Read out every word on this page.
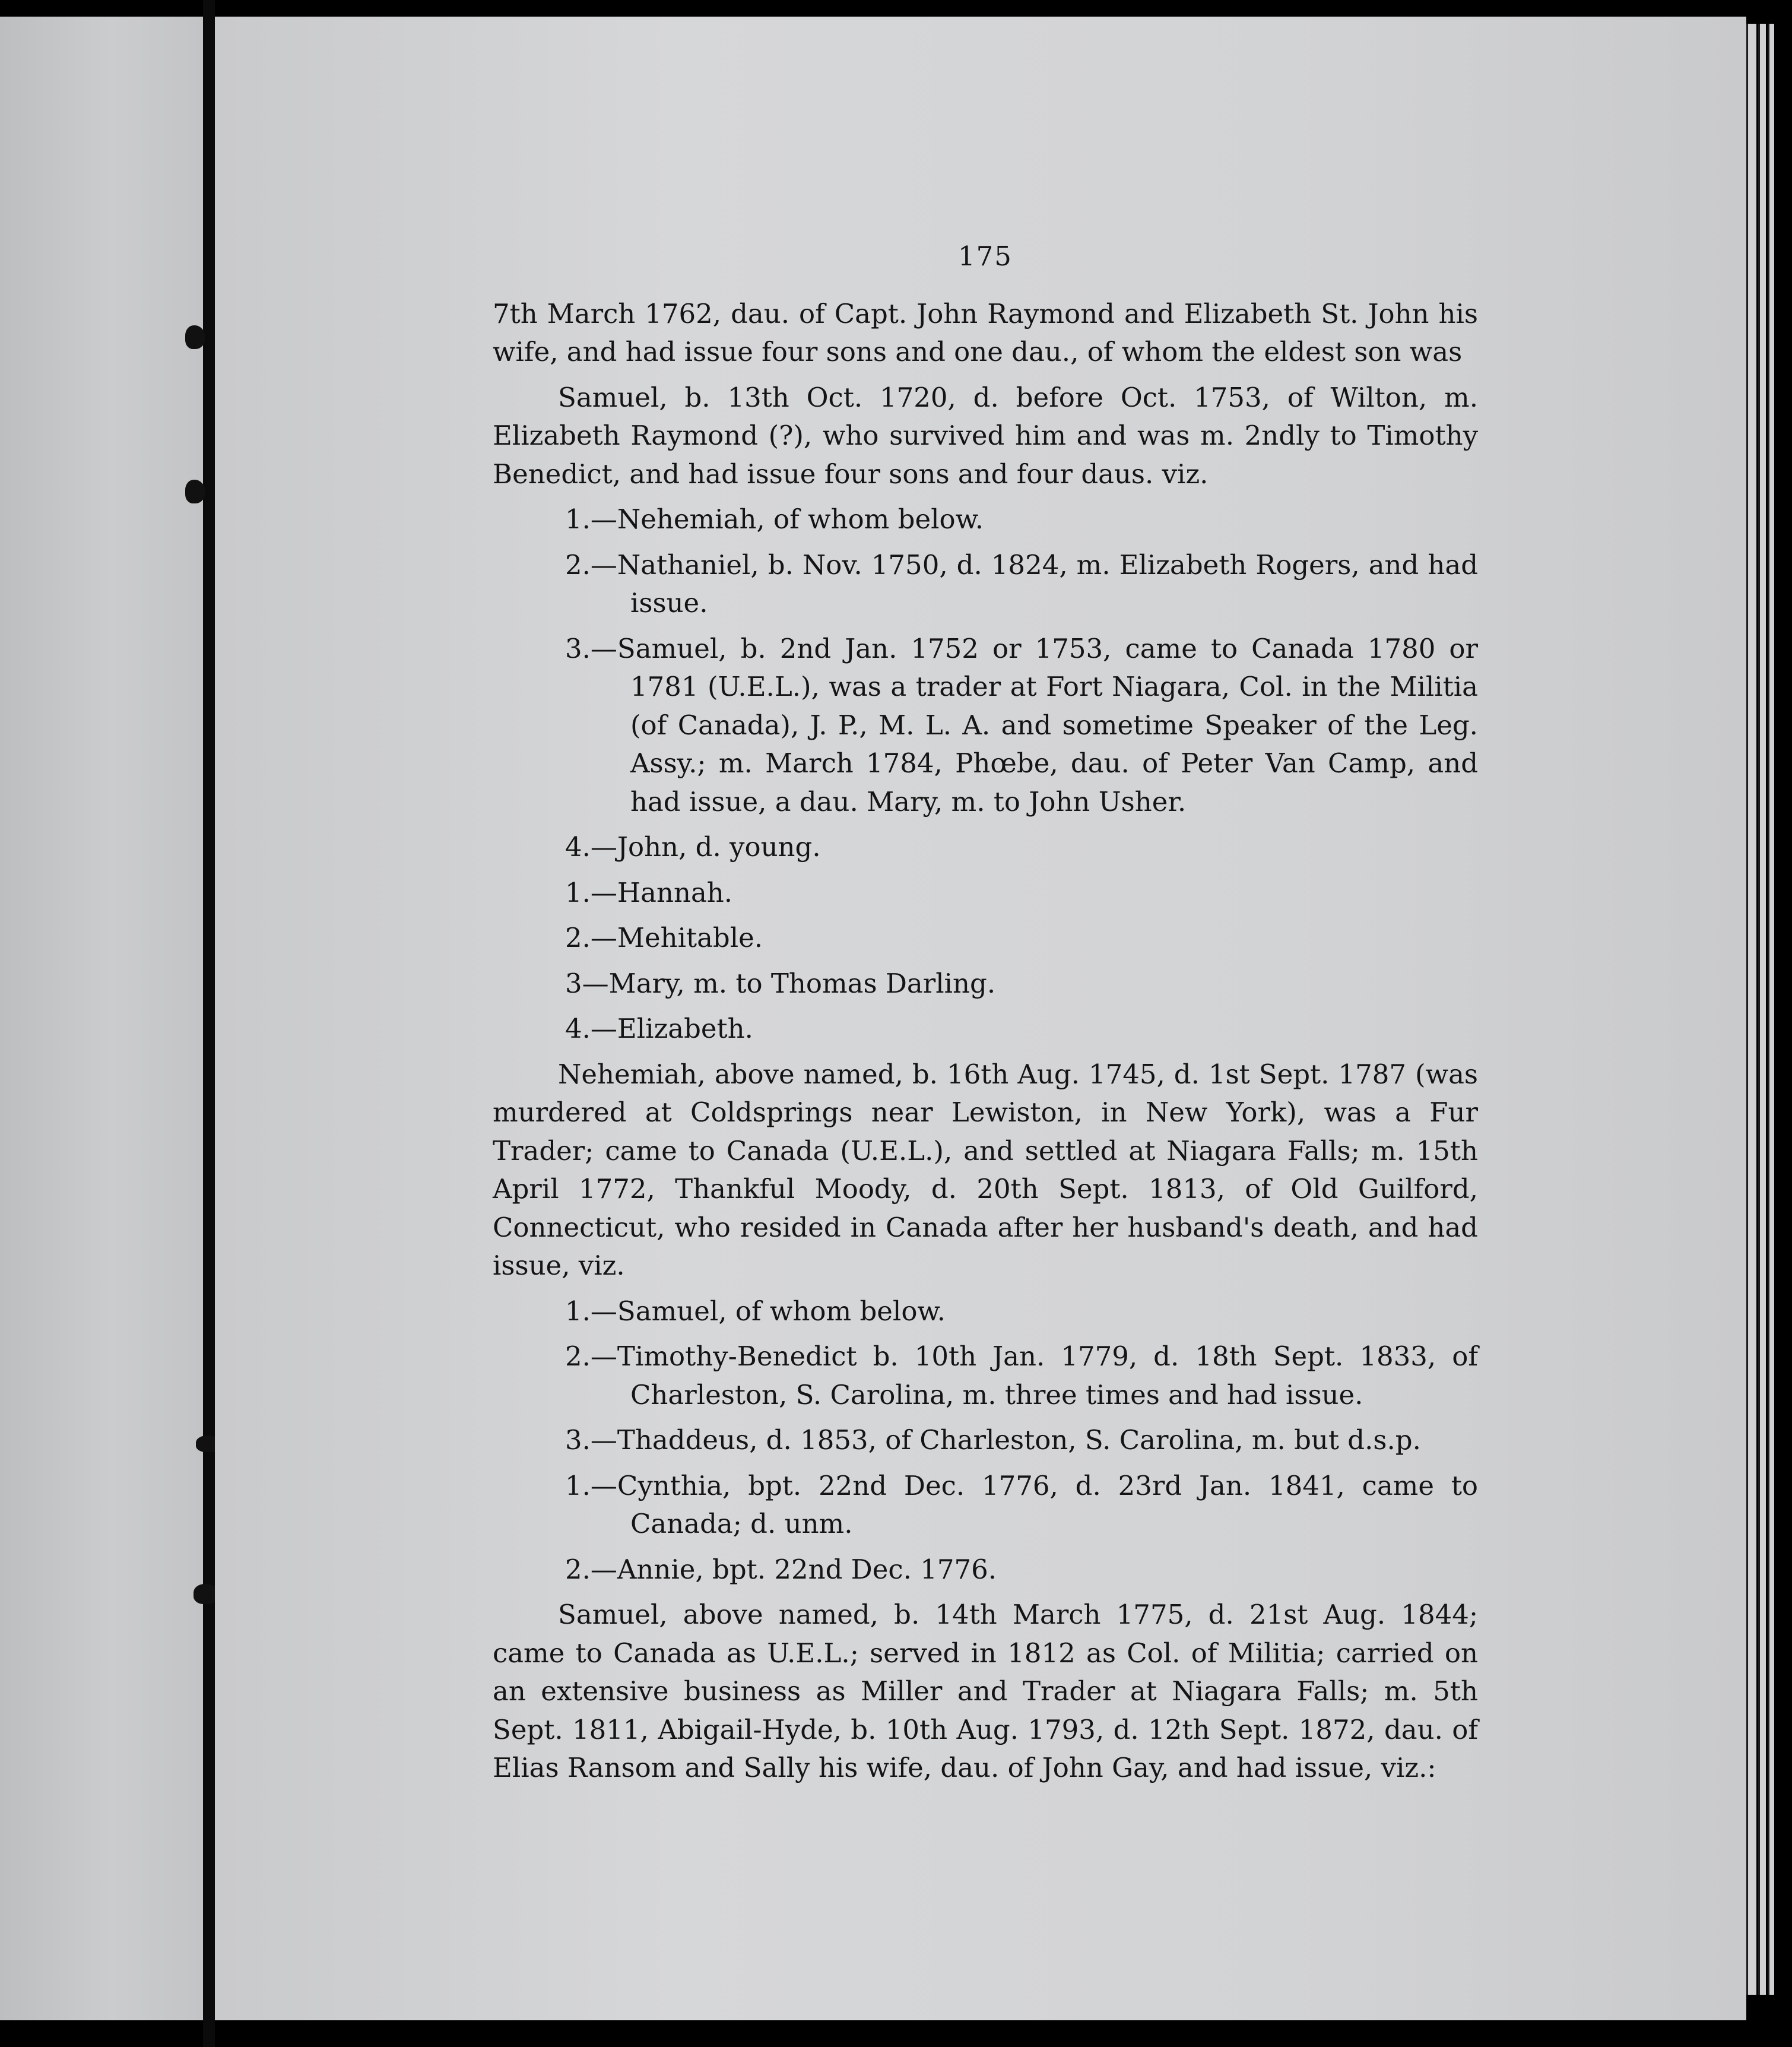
175

7th March 1762, dau. of Capt. John Raymond and Elizabeth St. John his wife, and had issue four sons and one dau., of whom the eldest son was

Samuel, b. 13th Oct. 1720, d. before Oct. 1753, of Wilton, m. Elizabeth Raymond (?), who survived him and was m. 2ndly to Timothy Benedict, and had issue four sons and four daus. viz.

1.—Nehemiah, of whom below.

2.—Nathaniel, b. Nov. 1750, d. 1824, m. Elizabeth Rogers, and had issue.

3.—Samuel, b. 2nd Jan. 1752 or 1753, came to Canada 1780 or 1781 (U.E.L.), was a trader at Fort Niagara, Col. in the Militia (of Canada), J. P., M. L. A. and sometime Speaker of the Leg. Assy.; m. March 1784, Phœbe, dau. of Peter Van Camp, and had issue, a dau. Mary, m. to John Usher.

4.—John, d. young.

1.—Hannah.

2.—Mehitable.

3—Mary, m. to Thomas Darling.

4.—Elizabeth.

Nehemiah, above named, b. 16th Aug. 1745, d. 1st Sept. 1787 (was murdered at Coldsprings near Lewiston, in New York), was a Fur Trader; came to Canada (U.E.L.), and settled at Niagara Falls; m. 15th April 1772, Thankful Moody, d. 20th Sept. 1813, of Old Guilford, Connecticut, who resided in Canada after her husband's death, and had issue, viz.

1.—Samuel, of whom below.

2.—Timothy-Benedict b. 10th Jan. 1779, d. 18th Sept. 1833, of Charleston, S. Carolina, m. three times and had issue.

3.—Thaddeus, d. 1853, of Charleston, S. Carolina, m. but d.s.p.

1.—Cynthia, bpt. 22nd Dec. 1776, d. 23rd Jan. 1841, came to Canada; d. unm.

2.—Annie, bpt. 22nd Dec. 1776.

Samuel, above named, b. 14th March 1775, d. 21st Aug. 1844; came to Canada as U.E.L.; served in 1812 as Col. of Militia; carried on an extensive business as Miller and Trader at Niagara Falls; m. 5th Sept. 1811, Abigail-Hyde, b. 10th Aug. 1793, d. 12th Sept. 1872, dau. of Elias Ransom and Sally his wife, dau. of John Gay, and had issue, viz.:
